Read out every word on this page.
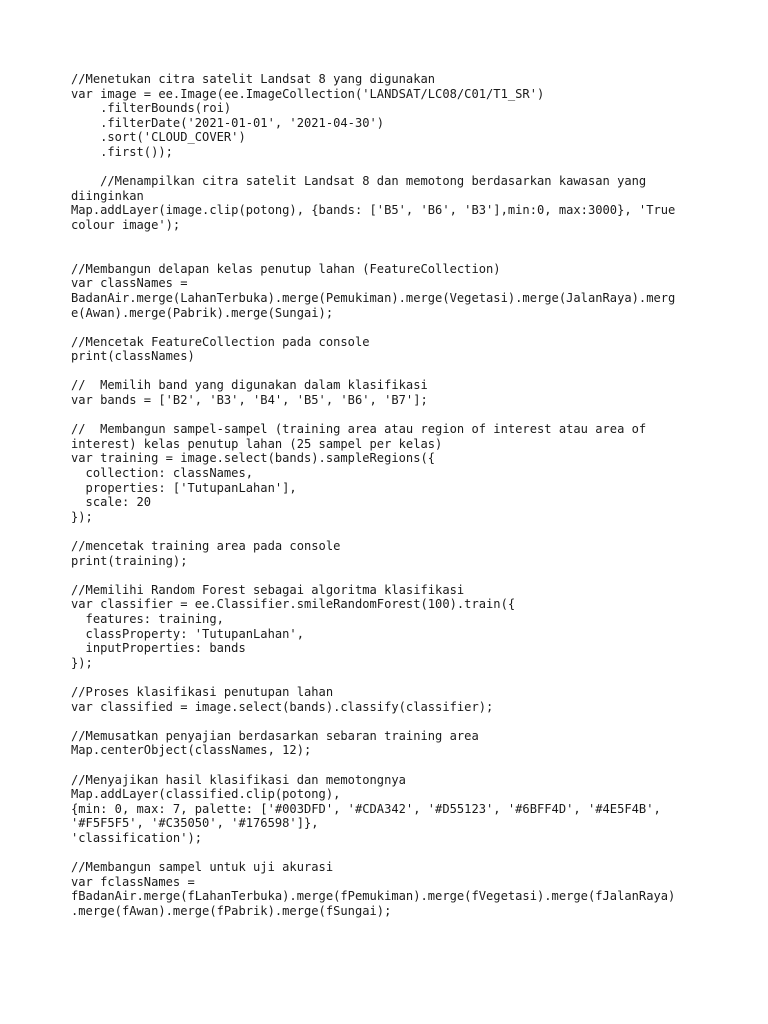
//Menetukan citra satelit Landsat 8 yang digunakan
var image = ee.Image(ee.ImageCollection('LANDSAT/LC08/C01/T1_SR')
.filterBounds(roi)
.filterDate('2021-01-01', '2021-04-30')
.sort('CLOUD_COVER')
.first());
//Menampilkan citra satelit Landsat 8 dan memotong berdasarkan kawasan yang
diinginkan
Map.addLayer(image.clip(potong), {bands: ['B5', 'B6', 'B3'],min:0, max:3000}, 'True
colour image');
//Membangun delapan kelas penutup lahan (FeatureCollection)
var classNames =
BadanAir.merge(LahanTerbuka).merge(Pemukiman).merge(Vegetasi).merge(JalanRaya).merg
e(Awan).merge(Pabrik).merge(Sungai);
//Mencetak FeatureCollection pada console
print(classNames)
//  Memilih band yang digunakan dalam klasifikasi
var bands = ['B2', 'B3', 'B4', 'B5', 'B6', 'B7'];
//  Membangun sampel-sampel (training area atau region of interest atau area of
interest) kelas penutup lahan (25 sampel per kelas)
var training = image.select(bands).sampleRegions({
collection: classNames,
properties: ['TutupanLahan'],
scale: 20
});
//mencetak training area pada console
print(training);
//Memilihi Random Forest sebagai algoritma klasifikasi
var classifier = ee.Classifier.smileRandomForest(100).train({
features: training,
classProperty: 'TutupanLahan',
inputProperties: bands
});
//Proses klasifikasi penutupan lahan
var classified = image.select(bands).classify(classifier);
//Memusatkan penyajian berdasarkan sebaran training area
Map.centerObject(classNames, 12);
//Menyajikan hasil klasifikasi dan memotongnya
Map.addLayer(classified.clip(potong),
{min: 0, max: 7, palette: ['#003DFD', '#CDA342', '#D55123', '#6BFF4D', '#4E5F4B',
'#F5F5F5', '#C35050', '#176598']},
'classification');
//Membangun sampel untuk uji akurasi
var fclassNames =
fBadanAir.merge(fLahanTerbuka).merge(fPemukiman).merge(fVegetasi).merge(fJalanRaya)
.merge(fAwan).merge(fPabrik).merge(fSungai);
